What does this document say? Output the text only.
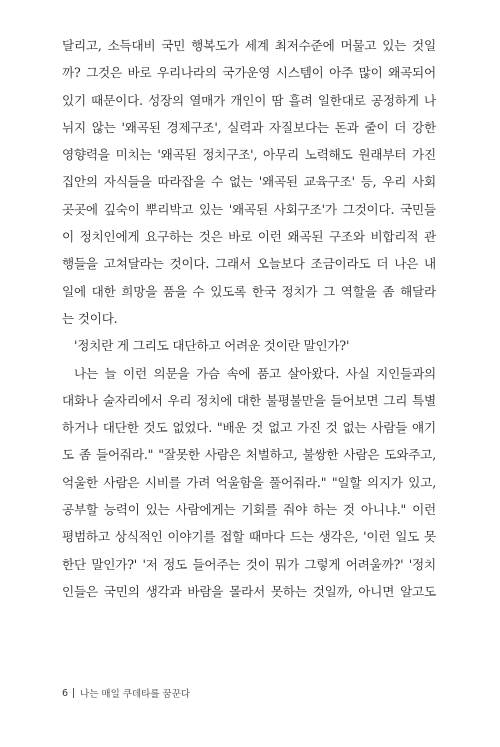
달리고, 소득대비 국민 행복도가 세계 최저수준에 머물고 있는 것일
까? 그것은 바로 우리나라의 국가운영 시스템이 아주 많이 왜곡되어
있기 때문이다. 성장의 열매가 개인이 땀 흘려 일한대로 공정하게 나
뉘지 않는 '왜곡된 경제구조', 실력과 자질보다는 돈과 줄이 더 강한
영향력을 미치는 '왜곡된 정치구조', 아무리 노력해도 원래부터 가진
집안의 자식들을 따라잡을 수 없는 '왜곡된 교육구조' 등, 우리 사회
곳곳에 깊숙이 뿌리박고 있는 '왜곡된 사회구조'가 그것이다. 국민들
이 정치인에게 요구하는 것은 바로 이런 왜곡된 구조와 비합리적 관
행들을 고쳐달라는 것이다. 그래서 오늘보다 조금이라도 더 나은 내
일에 대한 희망을 품을 수 있도록 한국 정치가 그 역할을 좀 해달라
는 것이다.
'정치란 게 그리도 대단하고 어려운 것이란 말인가?'
나는 늘 이런 의문을 가슴 속에 품고 살아왔다. 사실 지인들과의
대화나 술자리에서 우리 정치에 대한 불평불만을 들어보면 그리 특별
하거나 대단한 것도 없었다. "배운 것 없고 가진 것 없는 사람들 얘기
도 좀 들어줘라." "잘못한 사람은 처벌하고, 불쌍한 사람은 도와주고,
억울한 사람은 시비를 가려 억울함을 풀어줘라." "일할 의지가 있고,
공부할 능력이 있는 사람에게는 기회를 줘야 하는 것 아니냐." 이런
평범하고 상식적인 이야기를 접할 때마다 드는 생각은, '이런 일도 못
한단 말인가?' '저 정도 들어주는 것이 뭐가 그렇게 어려울까?' '정치
인들은 국민의 생각과 바람을 몰라서 못하는 것일까, 아니면 알고도
6 나는 매일 쿠데타를 꿈꾼다
